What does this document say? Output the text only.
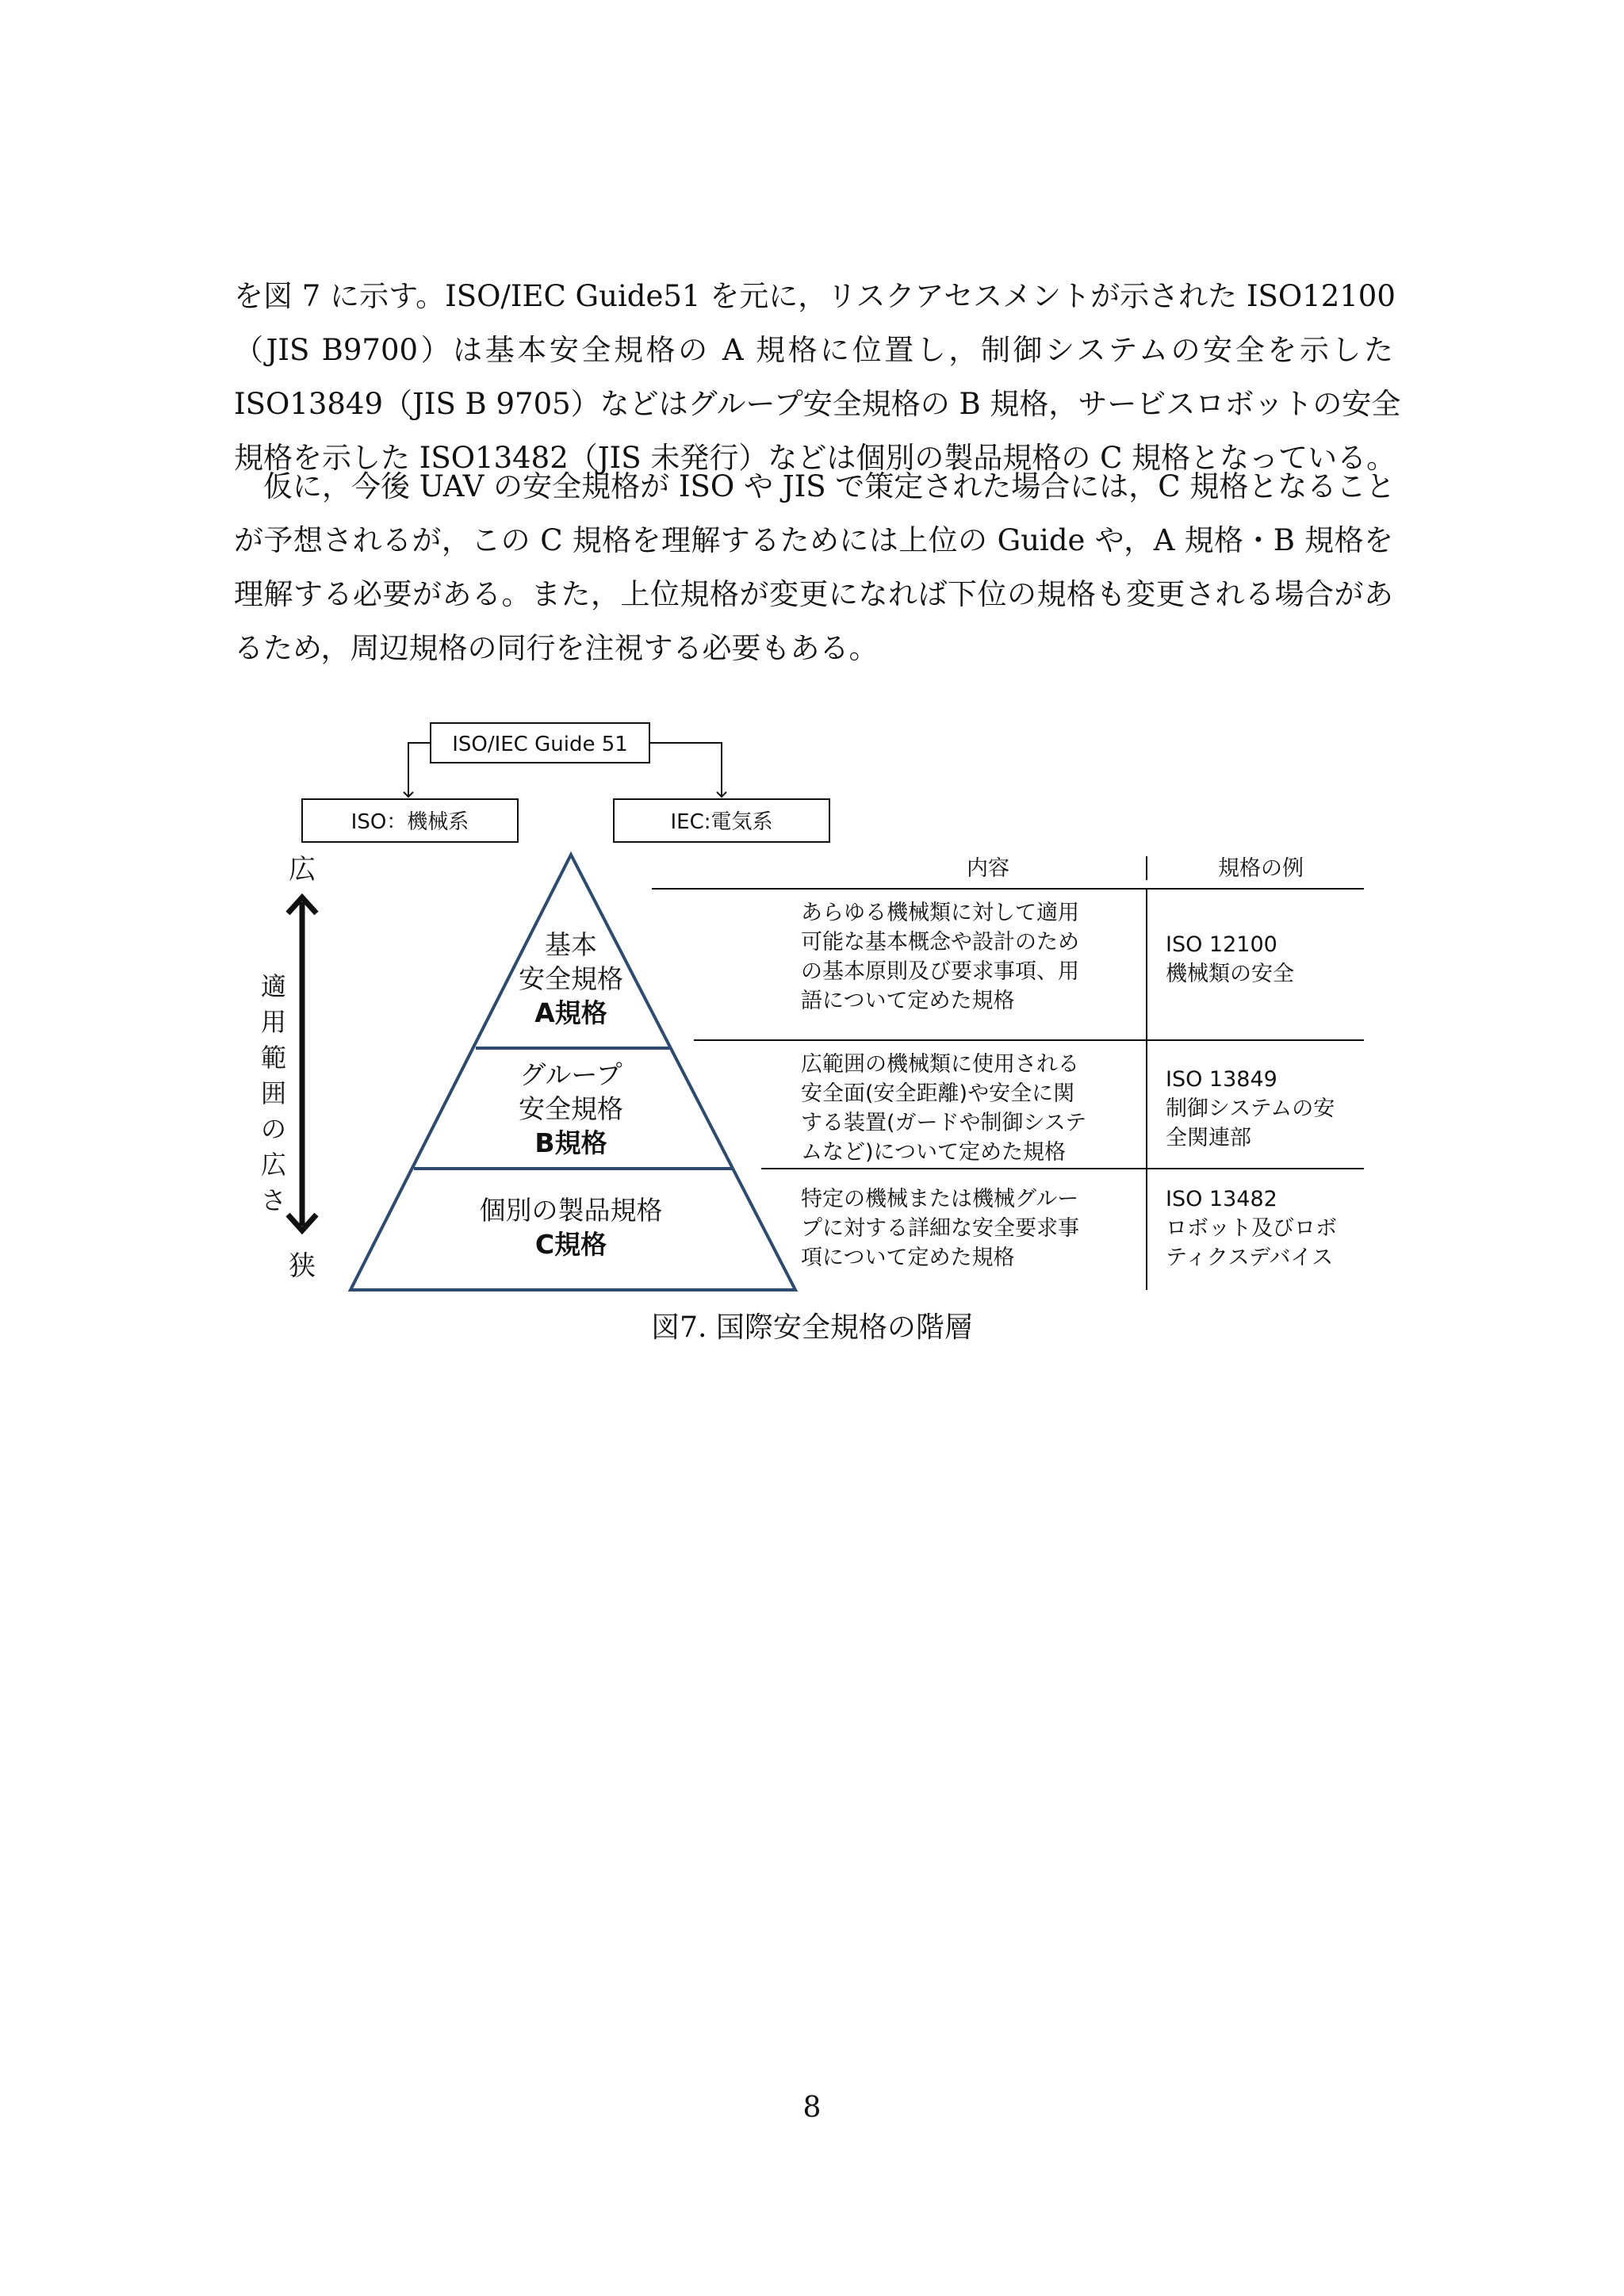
を図 7 に示す。ISO/IEC Guide51 を元に，リスクアセスメントが示された ISO12100
（JIS B9700）は基本安全規格の A 規格に位置し，制御システムの安全を示した
ISO13849（JIS B 9705）などはグループ安全規格の B 規格，サービスロボットの安全
規格を示した ISO13482（JIS 未発行）などは個別の製品規格の C 規格となっている。
仮に，今後 UAV の安全規格が ISO や JIS で策定された場合には，C 規格となること
が予想されるが，この C 規格を理解するためには上位の Guide や，A 規格・B 規格を
理解する必要がある。また，上位規格が変更になれば下位の規格も変更される場合があ
るため，周辺規格の同行を注視する必要もある。
ISO/IEC Guide 51
ISO：機械系	IEC:電気系
広
狭
適
用
範
囲
の
広
さ
基本
安全規格
A規格
グループ
安全規格
B規格
個別の製品規格
C規格
内容	規格の例
あらゆる機械類に対して適用
可能な基本概念や設計のため
の基本原則及び要求事項、用
語について定めた規格
ISO 12100
機械類の安全
広範囲の機械類に使用される
安全面(安全距離)や安全に関
する装置(ガードや制御システ
ムなど)について定めた規格
ISO 13849
制御システムの安
全関連部
特定の機械または機械グルー
プに対する詳細な安全要求事
項について定めた規格
ISO 13482
ロボット及びロボ
ティクスデバイス
図7. 国際安全規格の階層
8
